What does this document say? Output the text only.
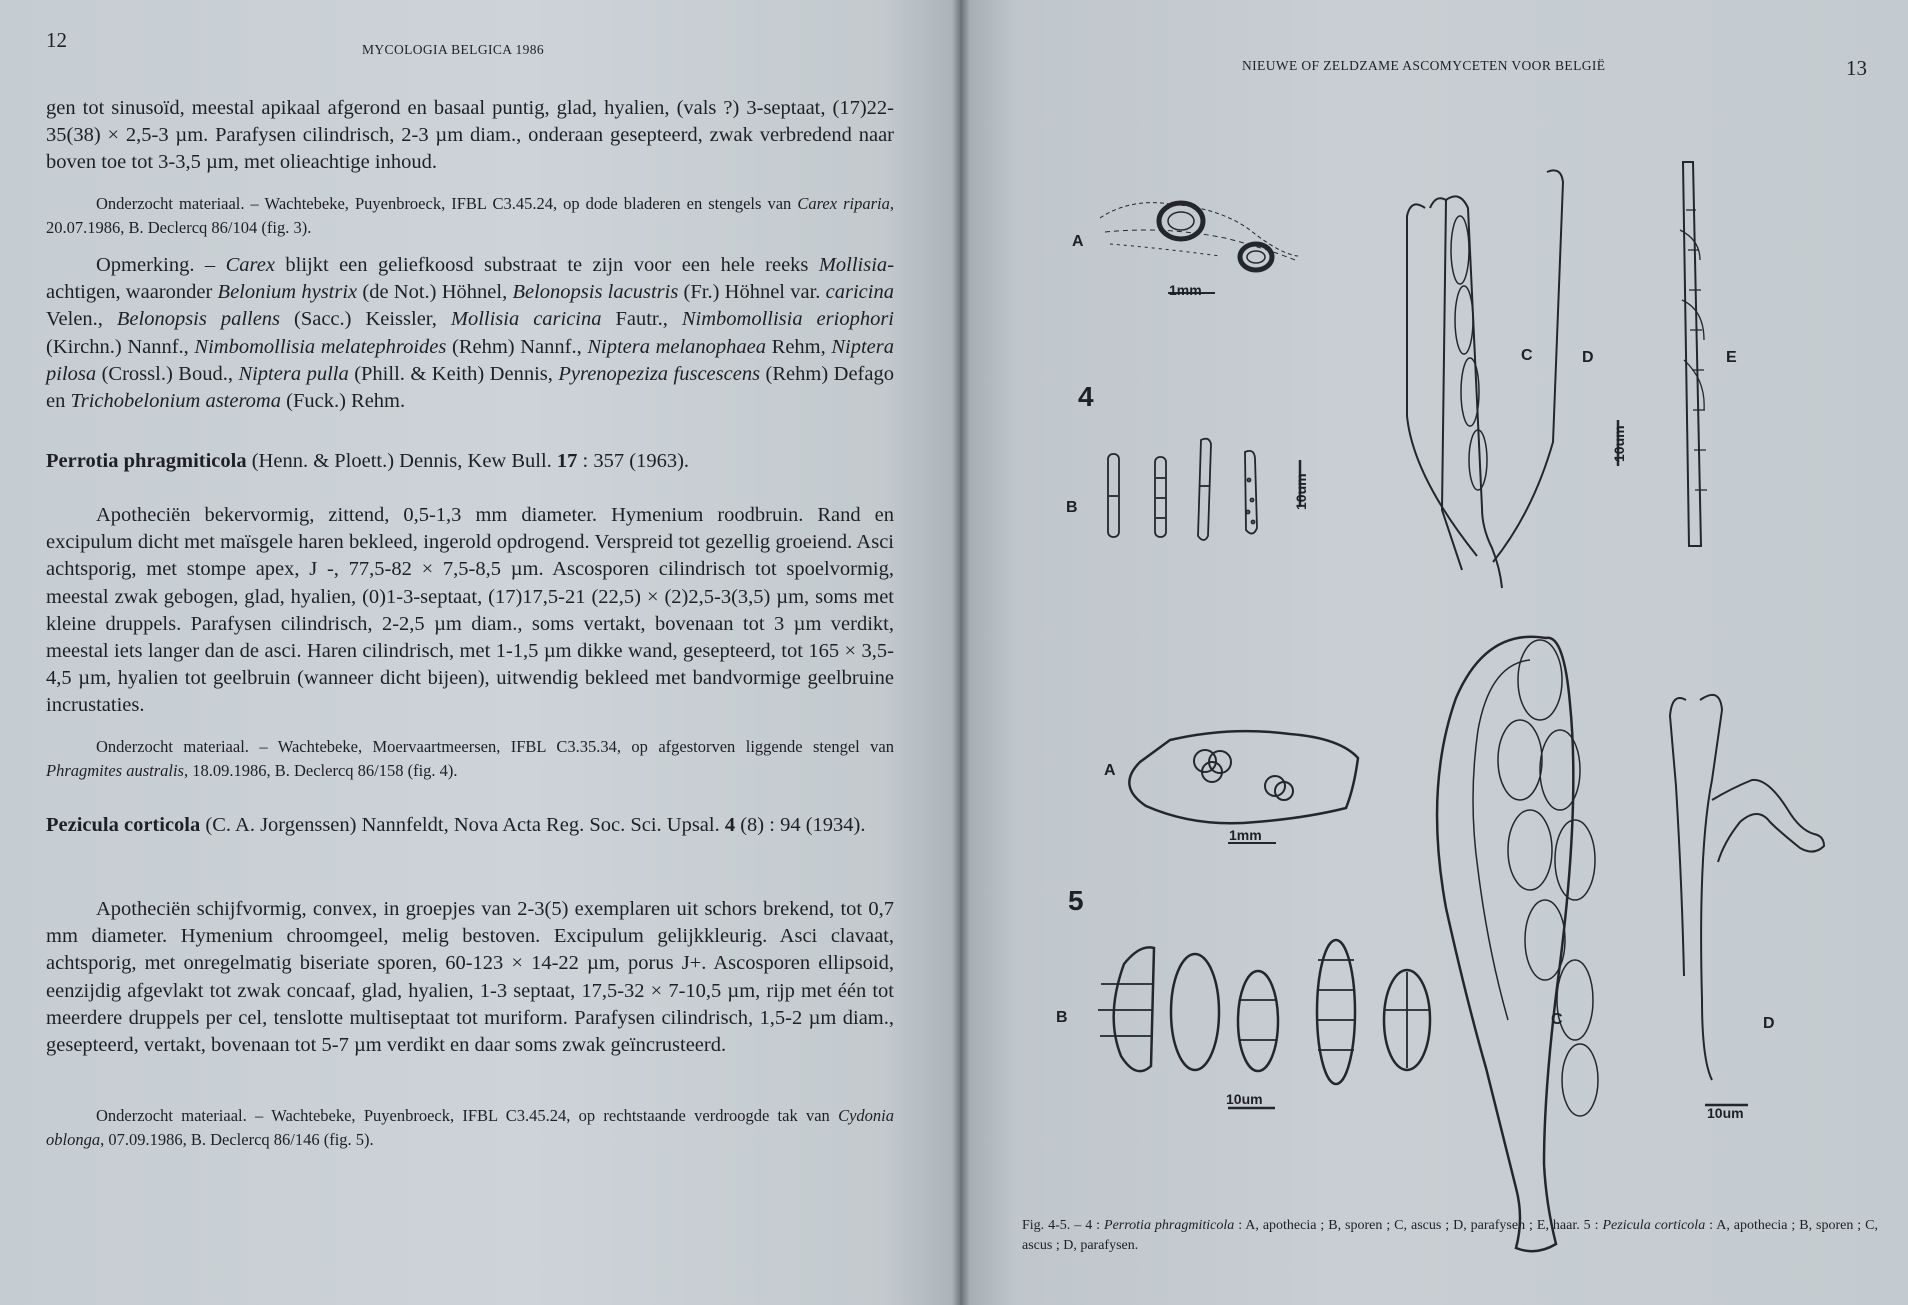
12	MYCOLOGIA BELGICA 1986

gen tot sinusoïd, meestal apikaal afgerond en basaal puntig, glad, hyalien, (vals ?) 3-septaat, (17)22-35(38) × 2,5-3 µm. Parafysen cilindrisch, 2-3 µm diam., onderaan gesepteerd, zwak verbredend naar boven toe tot 3-3,5 µm, met olieachtige inhoud.

Onderzocht materiaal. – Wachtebeke, Puyenbroeck, IFBL C3.45.24, op dode bladeren en stengels van Carex riparia, 20.07.1986, B. Declercq 86/104 (fig. 3).

Opmerking. – Carex blijkt een geliefkoosd substraat te zijn voor een hele reeks Mollisia-achtigen, waaronder Belonium hystrix (de Not.) Höhnel, Belonopsis lacustris (Fr.) Höhnel var. caricina Velen., Belonopsis pallens (Sacc.) Keissler, Mollisia caricina Fautr., Nimbomollisia eriophori (Kirchn.) Nannf., Nimbomollisia melatephroides (Rehm) Nannf., Niptera melanophaea Rehm, Niptera pilosa (Crossl.) Boud., Niptera pulla (Phill. & Keith) Dennis, Pyrenopeziza fuscescens (Rehm) Defago en Trichobelonium asteroma (Fuck.) Rehm.

Perrotia phragmiticola (Henn. & Ploett.) Dennis, Kew Bull. 17 : 357 (1963).

Apotheciën bekervormig, zittend, 0,5-1,3 mm diameter. Hymenium roodbruin. Rand en excipulum dicht met maïsgele haren bekleed, ingerold opdrogend. Verspreid tot gezellig groeiend. Asci achtsporig, met stompe apex, J -, 77,5-82 × 7,5-8,5 µm. Ascosporen cilindrisch tot spoelvormig, meestal zwak gebogen, glad, hyalien, (0)1-3-septaat, (17)17,5-21 (22,5) × (2)2,5-3(3,5) µm, soms met kleine druppels. Parafysen cilindrisch, 2-2,5 µm diam., soms vertakt, bovenaan tot 3 µm verdikt, meestal iets langer dan de asci. Haren cilindrisch, met 1-1,5 µm dikke wand, gesepteerd, tot 165 × 3,5-4,5 µm, hyalien tot geelbruin (wanneer dicht bijeen), uitwendig bekleed met bandvormige geelbruine incrustaties.

Onderzocht materiaal. – Wachtebeke, Moervaartmeersen, IFBL C3.35.34, op afgestorven liggende stengel van Phragmites australis, 18.09.1986, B. Declercq 86/158 (fig. 4).

Pezicula corticola (C. A. Jorgenssen) Nannfeldt, Nova Acta Reg. Soc. Sci. Upsal. 4 (8) : 94 (1934).

Apotheciën schijfvormig, convex, in groepjes van 2-3(5) exemplaren uit schors brekend, tot 0,7 mm diameter. Hymenium chroomgeel, melig bestoven. Excipulum gelijkkleurig. Asci clavaat, achtsporig, met onregelmatig biseriate sporen, 60-123 × 14-22 µm, porus J+. Ascosporen ellipsoid, eenzijdig afgevlakt tot zwak concaaf, glad, hyalien, 1-3 septaat, 17,5-32 × 7-10,5 µm, rijp met één tot meerdere druppels per cel, tenslotte multiseptaat tot muriform. Parafysen cilindrisch, 1,5-2 µm diam., gesepteerd, vertakt, bovenaan tot 5-7 µm verdikt en daar soms zwak geïncrusteerd.

Onderzocht materiaal. – Wachtebeke, Puyenbroeck, IFBL C3.45.24, op rechtstaande verdroogde tak van Cydonia oblonga, 07.09.1986, B. Declercq 86/146 (fig. 5).

NIEUWE OF ZELDZAME ASCOMYCETEN VOOR BELGIË	13
A
1mm
4
B	10um
C	D	E
10um
A
1mm
5
B
10um
C	D
10um
Fig. 4-5. – 4 : Perrotia phragmiticola : A, apothecia ; B, sporen ; C, ascus ; D, parafysen ; E, haar. 5 : Pezicula corticola : A, apothecia ; B, sporen ; C, ascus ; D, parafysen.
